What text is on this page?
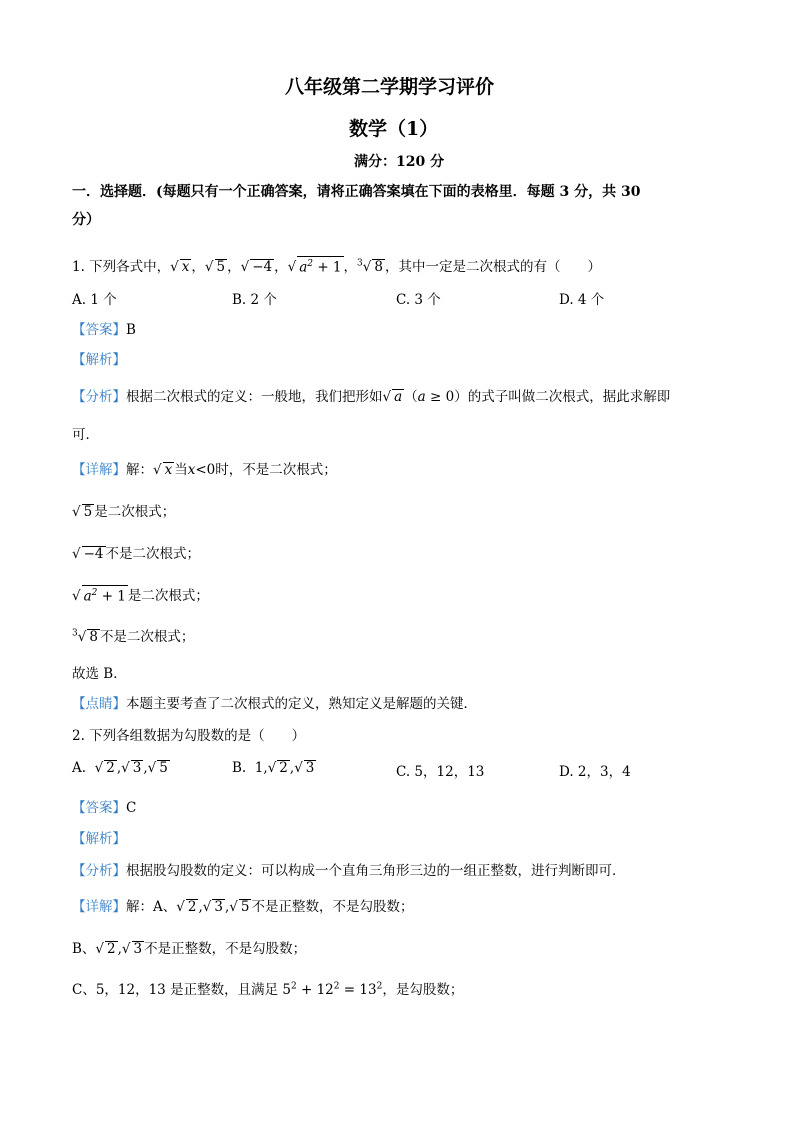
八年级第二学期学习评价
数学（1）
满分：120 分
一．选择题．(每题只有一个正确答案，请将正确答案填在下面的表格里．每题 3 分，共 30
分）
1. 下列各式中，√ x ，√ 5 ，√ −4 ，√ $a^2 + 1$ ，$^3$√ 8 ，其中一定是二次根式的有（　　）
A. 1 个	B. 2 个	C. 3 个	D. 4 个
【答案】B
【解析】
【分析】根据二次根式的定义：一般地，我们把形如√ a （a ≥ 0）的式子叫做二次根式，据此求解即
可．
【详解】解：√ x 当x<0时，不是二次根式；
√ 5 是二次根式；
√ −4 不是二次根式；
√ $a^2 + 1$ 是二次根式；
$^3$√ 8 不是二次根式；
故选 B．
【点睛】本题主要考查了二次根式的定义，熟知定义是解题的关键．
2. 下列各组数据为勾股数的是（　　）
A. √ 2 ,√ 3 ,√ 5	B.  1,√ 2 ,√ 3	C. 5，12，13	D. 2，3，4
【答案】C
【解析】
【分析】根据股勾股数的定义：可以构成一个直角三角形三边的一组正整数，进行判断即可．
【详解】解：A、√ 2 ,√ 3 ,√ 5 不是正整数，不是勾股数；
B、√ 2 ,√ 3 不是正整数，不是勾股数；
C、5，12，13 是正整数，且满足 $5^2 + 12^2 = 13^2$，是勾股数；
